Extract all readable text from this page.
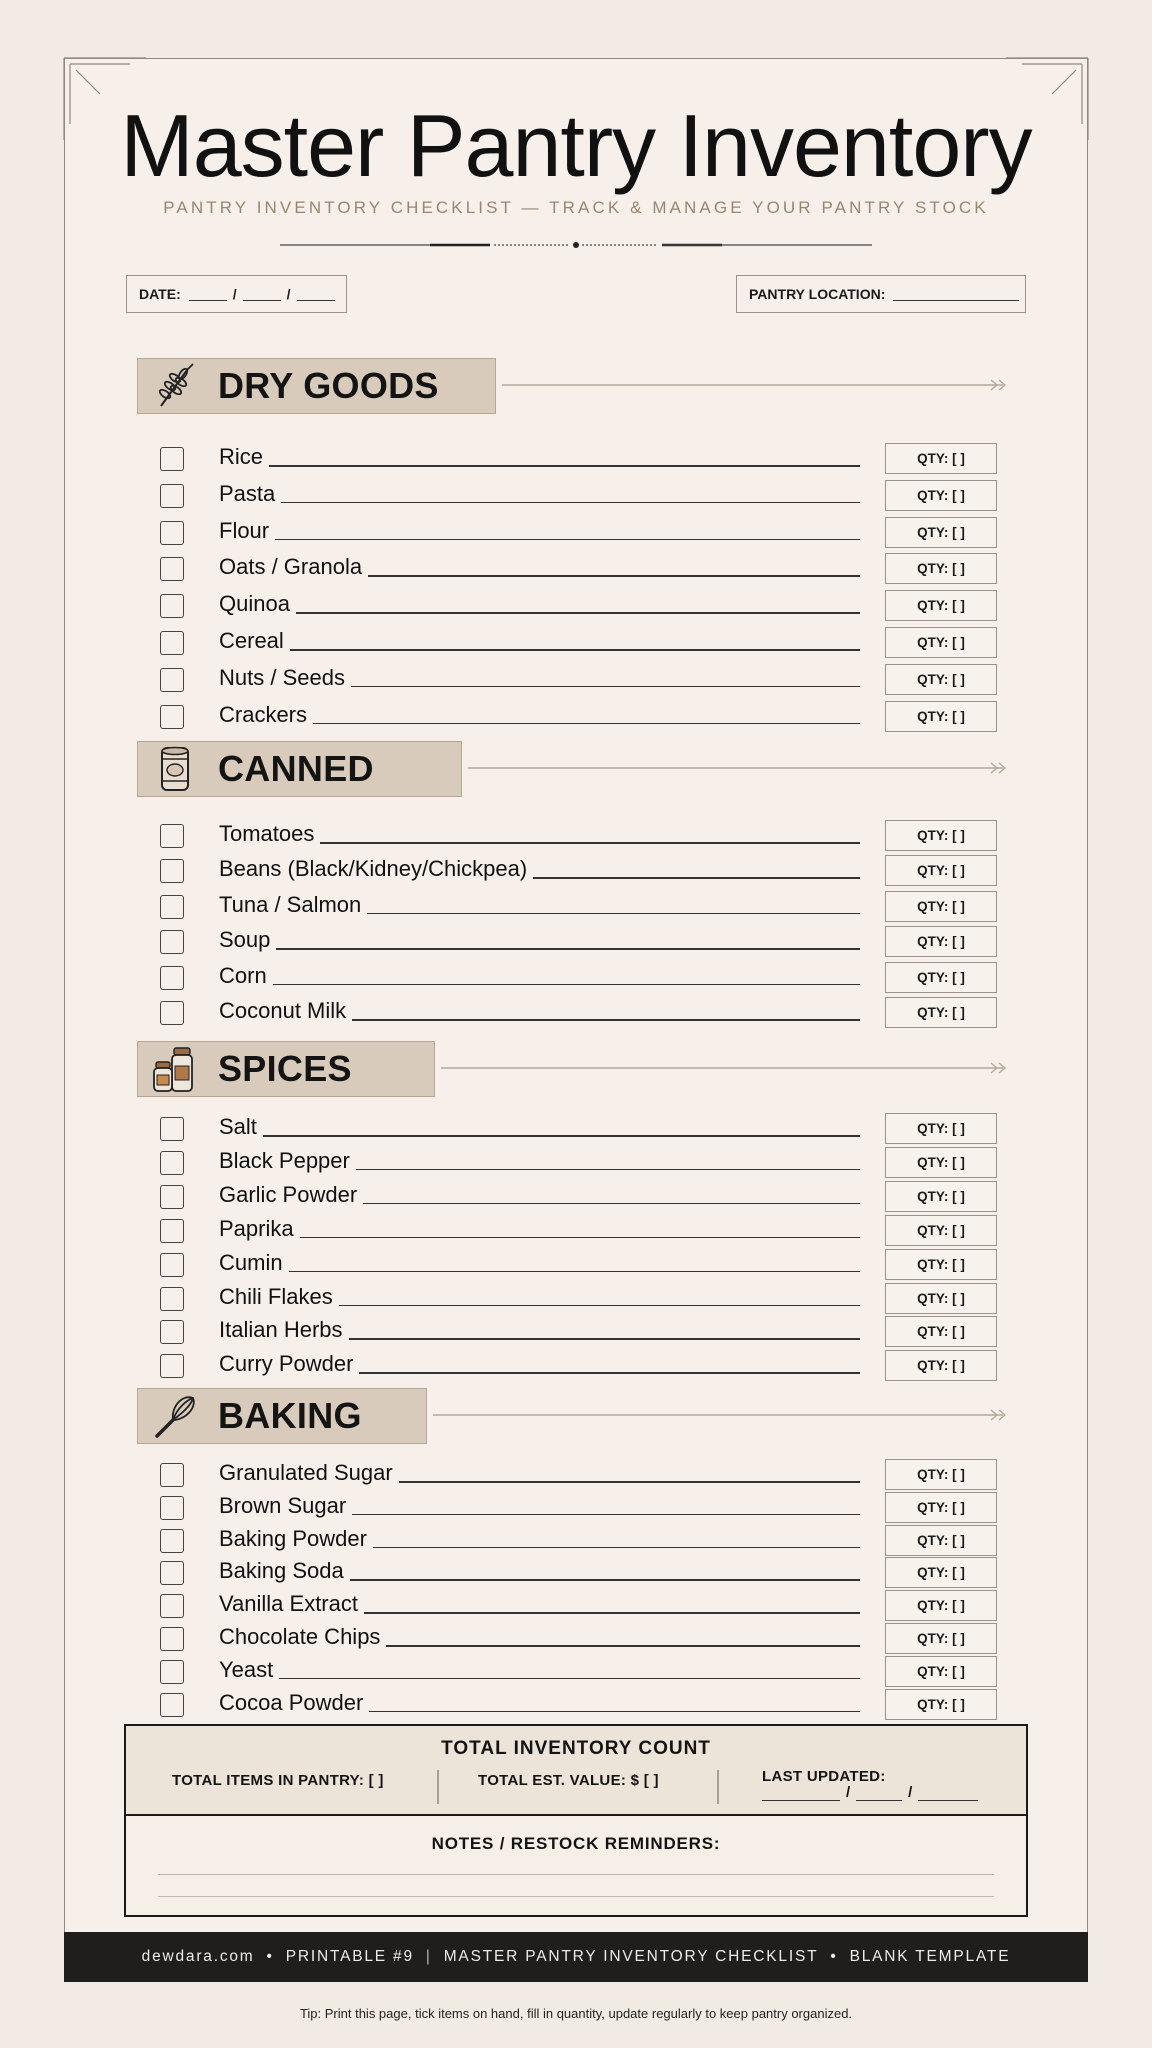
Master Pantry Inventory
PANTRY INVENTORY CHECKLIST — TRACK & MANAGE YOUR PANTRY STOCK
DATE:	/	/	PANTRY LOCATION:
DRY GOODS
Rice	QTY: [ ]
Pasta	QTY: [ ]
Flour	QTY: [ ]
Oats / Granola	QTY: [ ]
Quinoa	QTY: [ ]
Cereal	QTY: [ ]
Nuts / Seeds	QTY: [ ]
Crackers	QTY: [ ]
CANNED
Tomatoes	QTY: [ ]
Beans (Black/Kidney/Chickpea)	QTY: [ ]
Tuna / Salmon	QTY: [ ]
Soup	QTY: [ ]
Corn	QTY: [ ]
Coconut Milk	QTY: [ ]
SPICES
Salt	QTY: [ ]
Black Pepper	QTY: [ ]
Garlic Powder	QTY: [ ]
Paprika	QTY: [ ]
Cumin	QTY: [ ]
Chili Flakes	QTY: [ ]
Italian Herbs	QTY: [ ]
Curry Powder	QTY: [ ]
BAKING
Granulated Sugar	QTY: [ ]
Brown Sugar	QTY: [ ]
Baking Powder	QTY: [ ]
Baking Soda	QTY: [ ]
Vanilla Extract	QTY: [ ]
Chocolate Chips	QTY: [ ]
Yeast	QTY: [ ]
Cocoa Powder	QTY: [ ]
TOTAL INVENTORY COUNT
TOTAL ITEMS IN PANTRY: [ ]	TOTAL EST. VALUE: $ [ ]	LAST UPDATED:
/	/
NOTES / RESTOCK REMINDERS:
dewdara.com • PRINTABLE #9 | MASTER PANTRY INVENTORY CHECKLIST • BLANK TEMPLATE
Tip: Print this page, tick items on hand, fill in quantity, update regularly to keep pantry organized.
